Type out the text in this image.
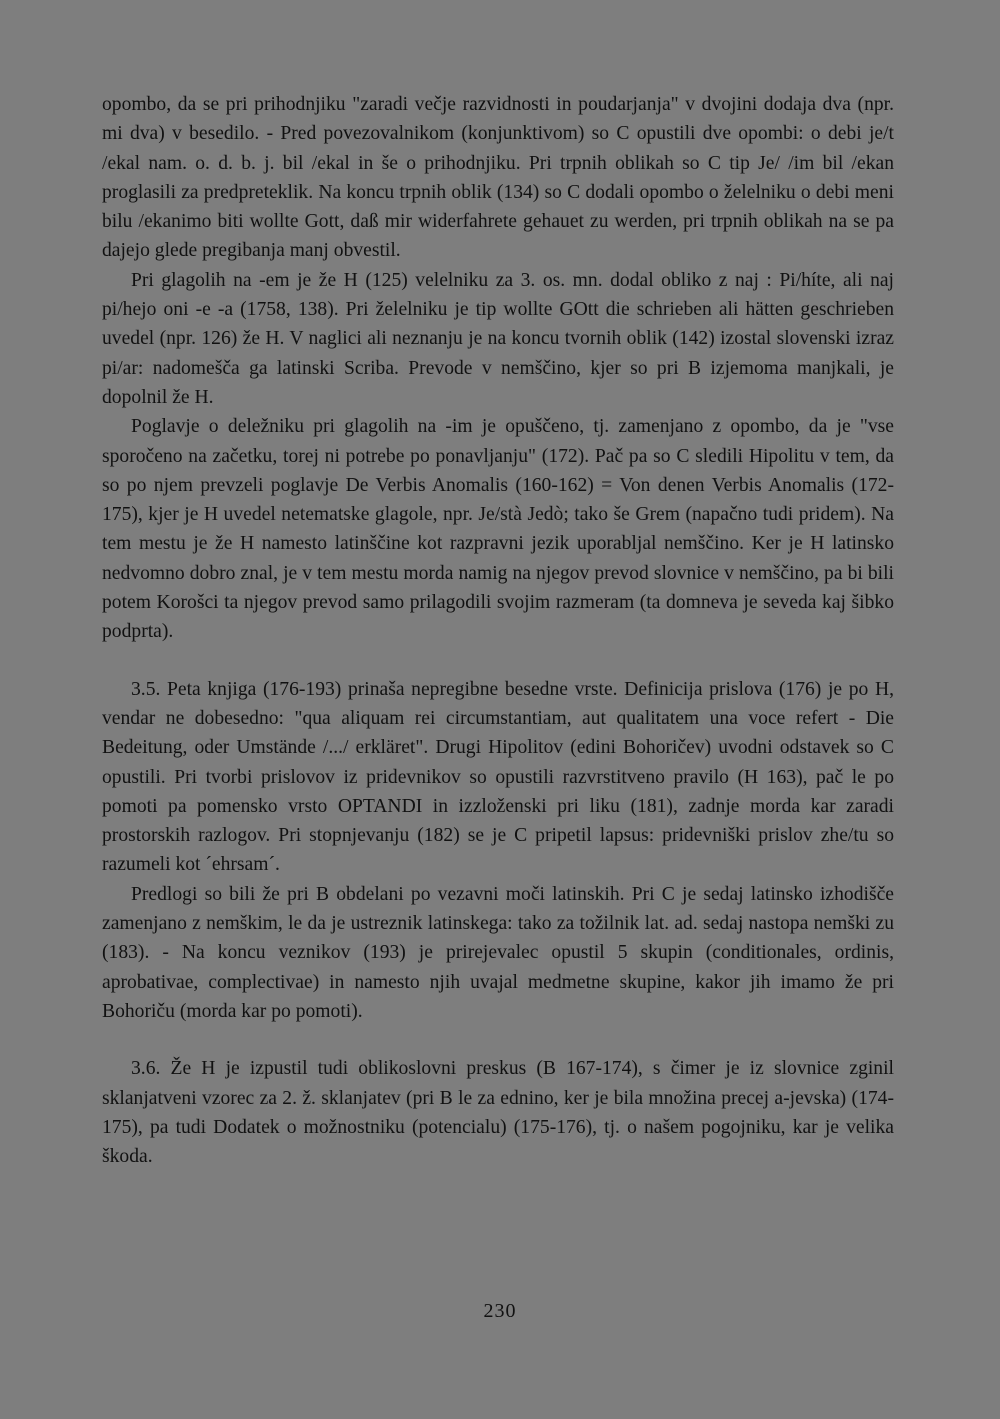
opombo, da se pri prihodnjiku "zaradi večje razvidnosti in poudarjanja" v dvojini dodaja dva (npr. mi dva) v besedilo. - Pred povezovalnikom (konjunktivom) so C opustili dve opombi: o debi je/t /ekal nam. o. d. b. j. bil /ekal in še o prihodnjiku. Pri trpnih oblikah so C tip Je/ /im bil /ekan proglasili za predpreteklik. Na koncu trpnih oblik (134) so C dodali opombo o želelniku o debi meni bilu /ekanimo biti wollte Gott, daß mir widerfahrete gehauet zu werden, pri trpnih oblikah na se pa dajejo glede pregibanja manj obvestil.

Pri glagolih na -em je že H (125) velelniku za 3. os. mn. dodal obliko z naj : Pi/híte, ali naj pi/hejo oni -e -a (1758, 138). Pri želelniku je tip wollte GOtt die schrieben ali hätten geschrieben uvedel (npr. 126) že H. V naglici ali neznanju je na koncu tvornih oblik (142) izostal slovenski izraz pi/ar: nadomešča ga latinski Scriba. Prevode v nemščino, kjer so pri B izjemoma manjkali, je dopolnil že H.

Poglavje o deležniku pri glagolih na -im je opuščeno, tj. zamenjano z opombo, da je "vse sporočeno na začetku, torej ni potrebe po ponavljanju" (172). Pač pa so C sledili Hipolitu v tem, da so po njem prevzeli poglavje De Verbis Anomalis (160-162) = Von denen Verbis Anomalis (172-175), kjer je H uvedel netematske glagole, npr. Je/stà Jedò; tako še Grem (napačno tudi pridem). Na tem mestu je že H namesto latinščine kot razpravni jezik uporabljal nemščino. Ker je H latinsko nedvomno dobro znal, je v tem mestu morda namig na njegov prevod slovnice v nemščino, pa bi bili potem Korošci ta njegov prevod samo prilagodili svojim razmeram (ta domneva je seveda kaj šibko podprta).

3.5. Peta knjiga (176-193) prinaša nepregibne besedne vrste. Definicija prislova (176) je po H, vendar ne dobesedno: "qua aliquam rei circumstantiam, aut qualitatem una voce refert - Die Bedeitung, oder Umstände /.../ erkläret". Drugi Hipolitov (edini Bohoričev) uvodni odstavek so C opustili. Pri tvorbi prislovov iz pridevnikov so opustili razvrstitveno pravilo (H 163), pač le po pomoti pa pomensko vrsto OPTANDI in izzloženski pri liku (181), zadnje morda kar zaradi prostorskih razlogov. Pri stopnjevanju (182) se je C pripetil lapsus: pridevniški prislov zhe/tu so razumeli kot ˊehrsamˊ.

Predlogi so bili že pri B obdelani po vezavni moči latinskih. Pri C je sedaj latinsko izhodišče zamenjano z nemškim, le da je ustreznik latinskega: tako za tožilnik lat. ad. sedaj nastopa nemški zu (183). - Na koncu veznikov (193) je prirejevalec opustil 5 skupin (conditionales, ordinis, aprobativae, complectivae) in namesto njih uvajal medmetne skupine, kakor jih imamo že pri Bohoriču (morda kar po pomoti).

3.6. Že H je izpustil tudi oblikoslovni preskus (B 167-174), s čimer je iz slovnice zginil sklanjatveni vzorec za 2. ž. sklanjatev (pri B le za ednino, ker je bila množina precej a-jevska) (174-175), pa tudi Dodatek o možnostniku (potencialu) (175-176), tj. o našem pogojniku, kar je velika škoda.

230
